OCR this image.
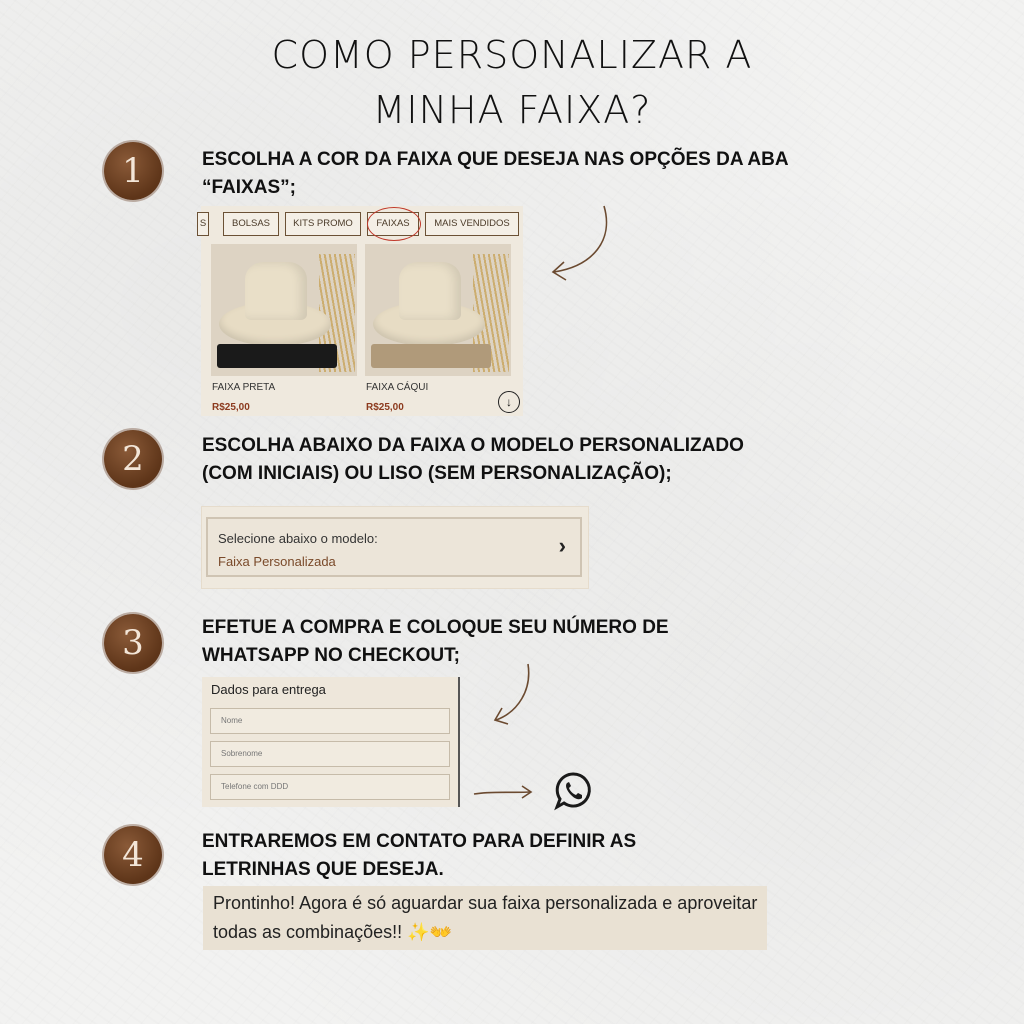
COMO PERSONALIZAR A
MINHA FAIXA?
1	ESCOLHA A COR DA FAIXA QUE DESEJA NAS OPÇÕES DA ABA
“FAIXAS”;
S	BOLSAS	KITS PROMO	FAIXAS	MAIS VENDIDOS
FAIXA PRETA
R$25,00
FAIXA CÁQUI
R$25,00	↓
2	ESCOLHA ABAIXO DA FAIXA O MODELO PERSONALIZADO
(COM INICIAIS) OU LISO (SEM PERSONALIZAÇÃO);
Selecione abaixo o modelo:
Faixa Personalizada
›
3	EFETUE A COMPRA E COLOQUE SEU NÚMERO DE
WHATSAPP NO CHECKOUT;
Dados para entrega
Nome
Sobrenome
Telefone com DDD
4	ENTRAREMOS EM CONTATO PARA DEFINIR AS
LETRINHAS QUE DESEJA.
Prontinho! Agora é só aguardar sua faixa personalizada e aproveitar
todas as combinações!! ✨👐
